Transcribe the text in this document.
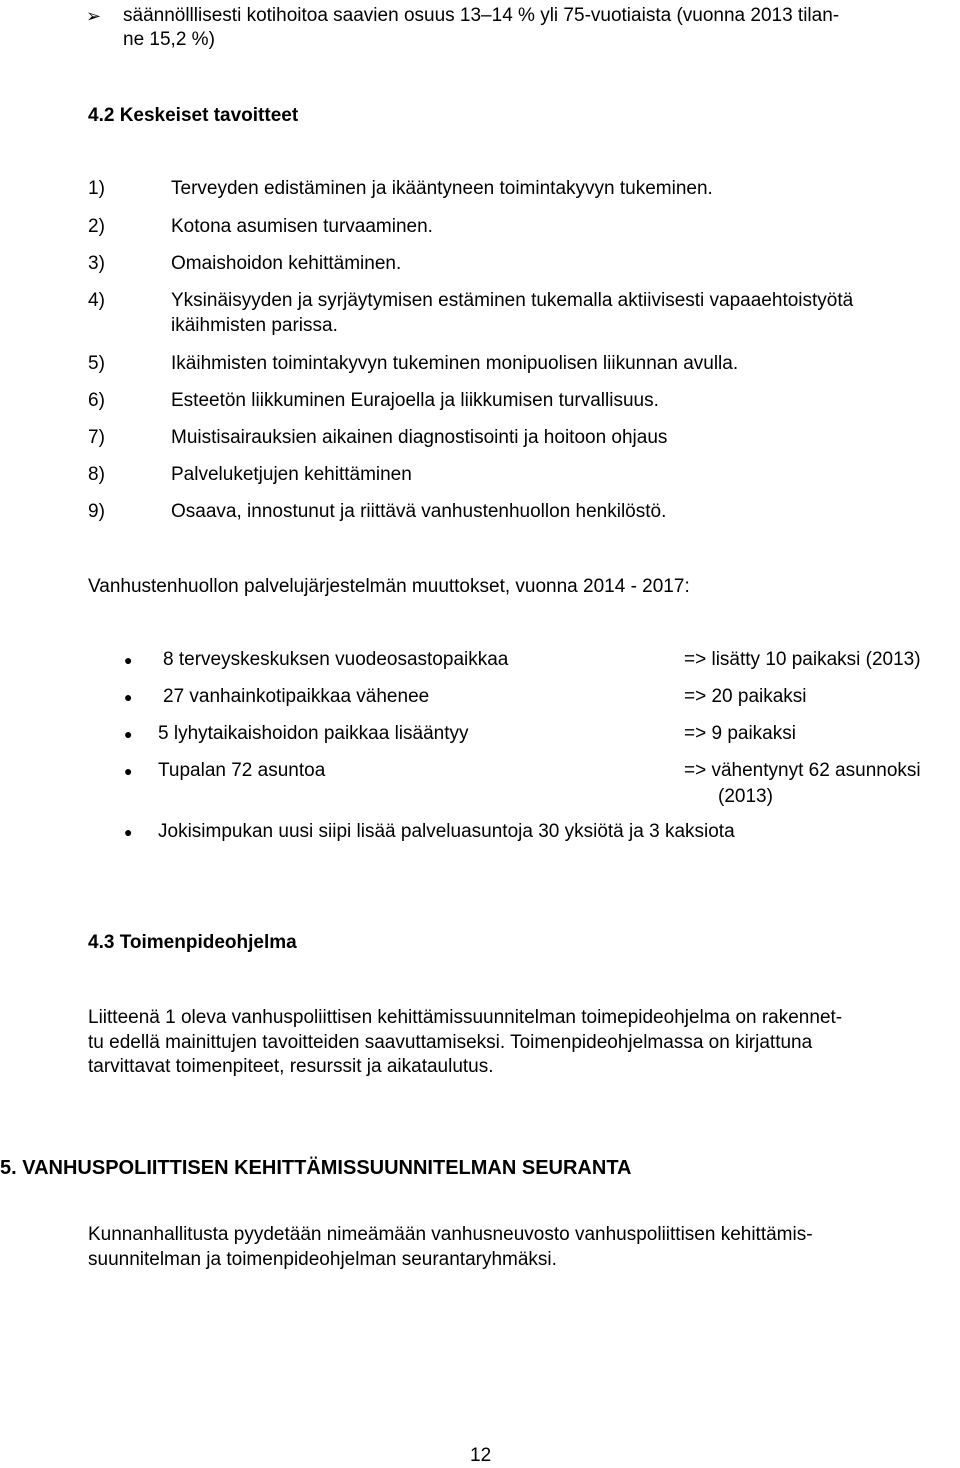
➢ säännölllisesti kotihoitoa saavien osuus 13–14 % yli 75-vuotiaista (vuonna 2013 tilan-
ne 15,2 %)
4.2 Keskeiset tavoitteet
1)	Terveyden edistäminen ja ikääntyneen toimintakyvyn tukeminen.
2)	Kotona asumisen turvaaminen.
3)	Omaishoidon kehittäminen.
4)	Yksinäisyyden ja syrjäytymisen estäminen tukemalla aktiivisesti vapaaehtoistyötä
ikäihmisten parissa.
5)	Ikäihmisten toimintakyvyn tukeminen monipuolisen liikunnan avulla.
6)	Esteetön liikkuminen Eurajoella ja liikkumisen turvallisuus.
7)	Muistisairauksien aikainen diagnostisointi ja hoitoon ohjaus
8)	Palveluketjujen kehittäminen
9)	Osaava, innostunut ja riittävä vanhustenhuollon henkilöstö.
Vanhustenhuollon palvelujärjestelmän muuttokset, vuonna 2014 - 2017:
● 8 terveyskeskuksen vuodeosastopaikkaa	=> lisätty 10 paikaksi (2013)
● 27 vanhainkotipaikkaa vähenee	=> 20 paikaksi
● 5 lyhytaikaishoidon paikkaa lisääntyy	=> 9 paikaksi
● Tupalan 72 asuntoa	=> vähentynyt 62 asunnoksi
(2013)
● Jokisimpukan uusi siipi lisää palveluasuntoja 30 yksiötä ja 3 kaksiota
4.3 Toimenpideohjelma
Liitteenä 1 oleva vanhuspoliittisen kehittämissuunnitelman toimepideohjelma on rakennet-
tu edellä mainittujen tavoitteiden saavuttamiseksi. Toimenpideohjelmassa on kirjattuna
tarvittavat toimenpiteet, resurssit ja aikataulutus.
5. VANHUSPOLIITTISEN KEHITTÄMISSUUNNITELMAN SEURANTA
Kunnanhallitusta pyydetään nimeämään vanhusneuvosto vanhuspoliittisen kehittämis-
suunnitelman ja toimenpideohjelman seurantaryhmäksi.
12
